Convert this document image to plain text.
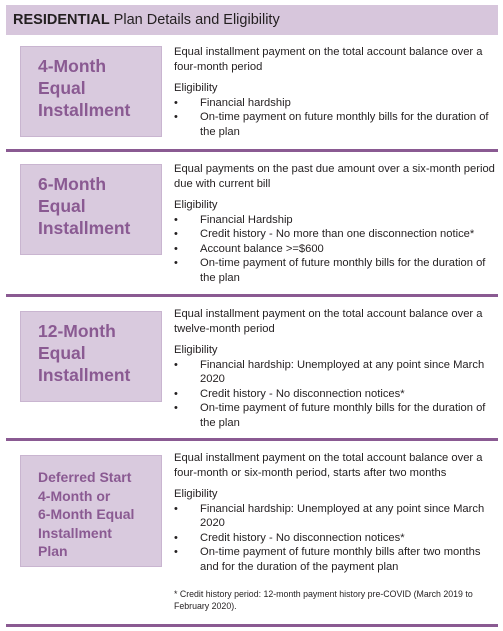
RESIDENTIAL Plan Details and Eligibility
4-Month
Equal
Installment

Equal installment payment on the total account balance over a four-month period

Eligibility

• Financial hardship
• On-time payment on future monthly bills for the duration of the plan
6-Month
Equal
Installment

Equal payments on the past due amount over a six-month period due with current bill

Eligibility

• Financial Hardship
• Credit history - No more than one disconnection notice*
• Account balance >=$600
• On-time payment of future monthly bills for the duration of the plan
12-Month
Equal
Installment

Equal installment payment on the total account balance over a twelve-month period

Eligibility

• Financial hardship: Unemployed at any point since March 2020
• Credit history - No disconnection notices*
• On-time payment of future monthly bills for the duration of the plan
Deferred Start
4-Month or
6-Month Equal
Installment
Plan

Equal installment payment on the total account balance over a four-month or six-month period, starts after two months

Eligibility

• Financial hardship: Unemployed at any point since March 2020
• Credit history - No disconnection notices*
• On-time payment of future monthly bills after two months and for the duration of the payment plan
* Credit history period: 12-month payment history pre-COVID (March 2019 to February 2020).
